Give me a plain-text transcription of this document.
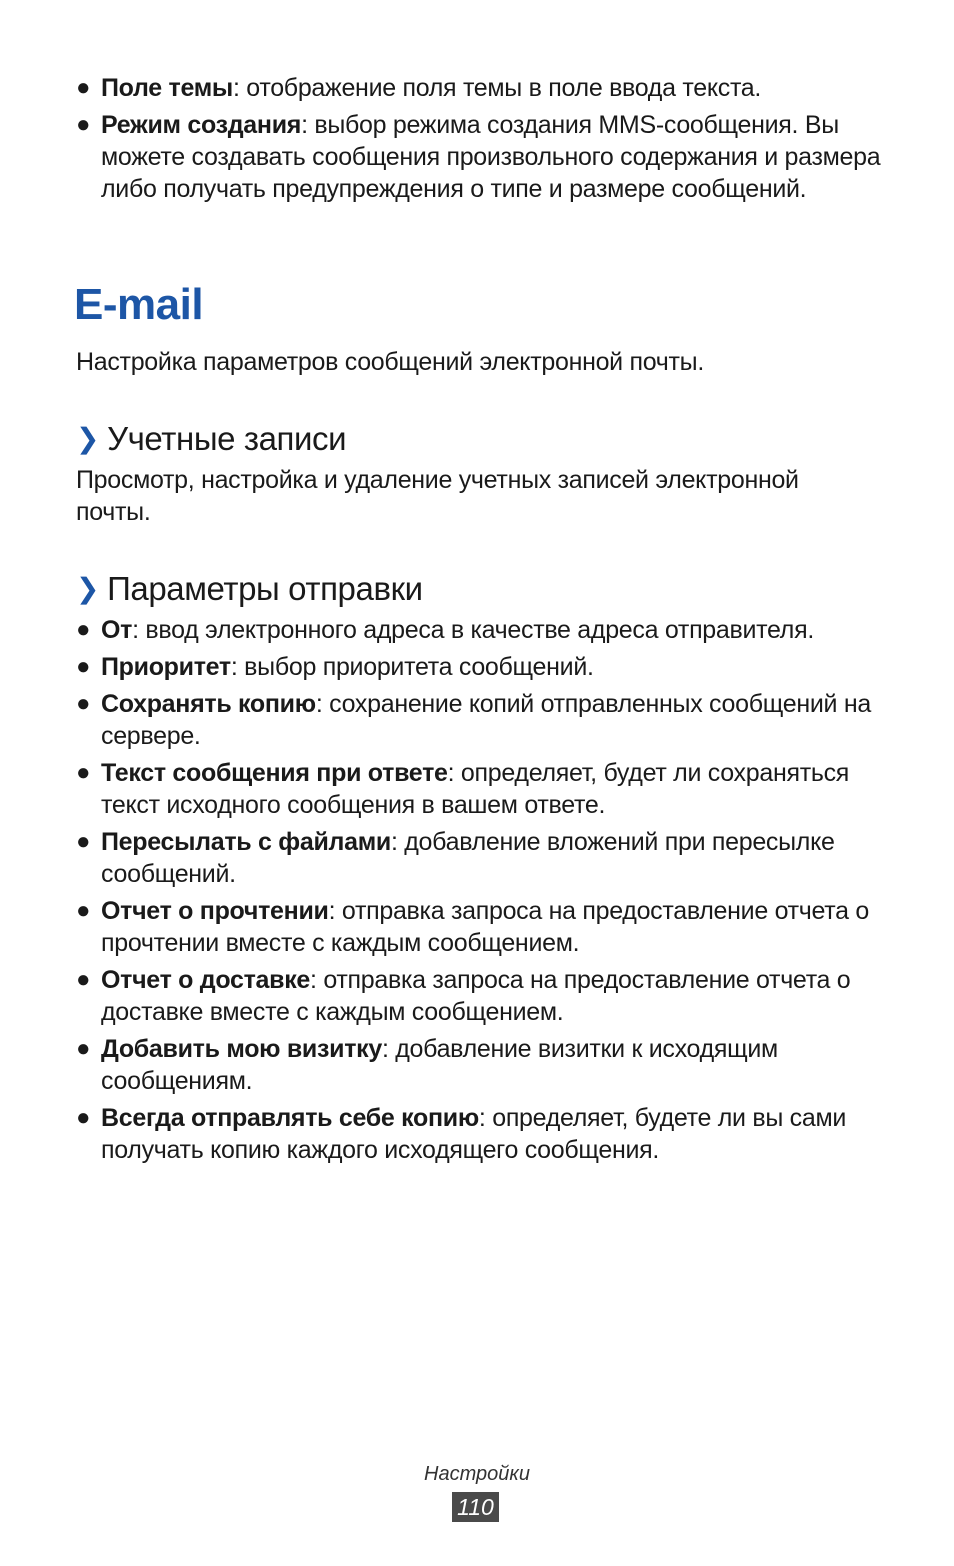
● Поле темы: отображение поля темы в поле ввода текста.
● Режим создания: выбор режима создания MMS-сообщения. Вы можете создавать сообщения произвольного содержания и размера либо получать предупреждения о типе и размере сообщений.
E-mail

Настройка параметров сообщений электронной почты.

❯ Учетные записи

Просмотр, настройка и удаление учетных записей электронной почты.

❯ Параметры отправки
● От: ввод электронного адреса в качестве адреса отправителя.
● Приоритет: выбор приоритета сообщений.
● Сохранять копию: сохранение копий отправленных сообщений на сервере.
● Текст сообщения при ответе: определяет, будет ли сохраняться текст исходного сообщения в вашем ответе.
● Пересылать с файлами: добавление вложений при пересылке сообщений.
● Отчет о прочтении: отправка запроса на предоставление отчета о прочтении вместе с каждым сообщением.
● Отчет о доставке: отправка запроса на предоставление отчета о доставке вместе с каждым сообщением.
● Добавить мою визитку: добавление визитки к исходящим сообщениям.
● Всегда отправлять себе копию: определяет, будете ли вы сами получать копию каждого исходящего сообщения.
Настройки
110
